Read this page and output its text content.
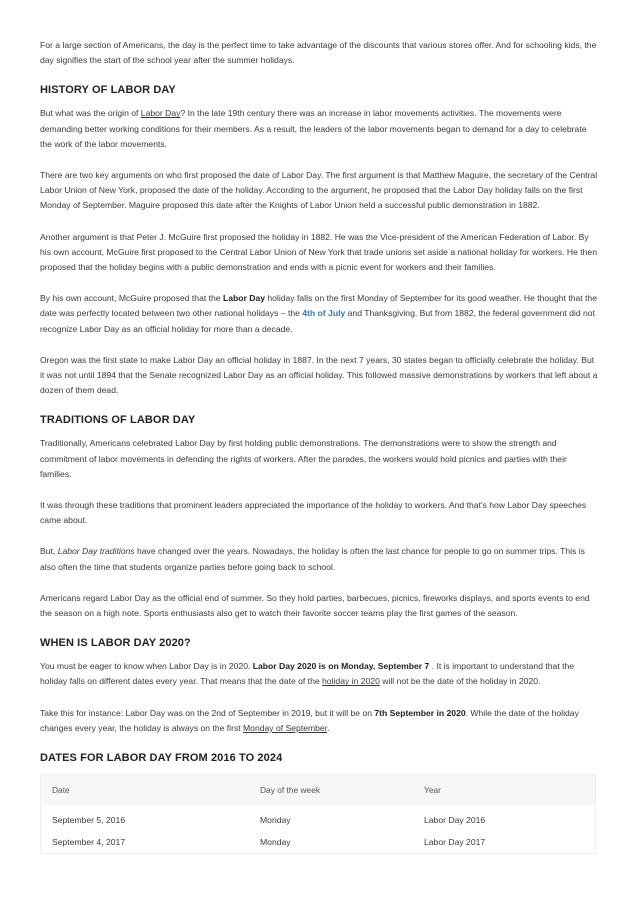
For a large section of Americans, the day is the perfect time to take advantage of the discounts that various stores offer. And for schooling kids, the day signifies the start of the school year after the summer holidays.

HISTORY OF LABOR DAY

But what was the origin of Labor Day? In the late 19th century there was an increase in labor movements activities. The movements were demanding better working conditions for their members. As a result, the leaders of the labor movements began to demand for a day to celebrate the work of the labor movements.

There are two key arguments on who first proposed the date of Labor Day. The first argument is that Matthew Maguire, the secretary of the Central Labor Union of New York, proposed the date of the holiday. According to the argument, he proposed that the Labor Day holiday falls on the first Monday of September. Maguire proposed this date after the Knights of Labor Union held a successful public demonstration in 1882.

Another argument is that Peter J. McGuire first proposed the holiday in 1882. He was the Vice-president of the American Federation of Labor. By his own account, McGuire first proposed to the Central Labor Union of New York that trade unions set aside a national holiday for workers. He then proposed that the holiday begins with a public demonstration and ends with a picnic event for workers and their families.

By his own account, McGuire proposed that the Labor Day holiday falls on the first Monday of September for its good weather. He thought that the date was perfectly located between two other national holidays – the 4th of July and Thanksgiving. But from 1882, the federal government did not recognize Labor Day as an official holiday for more than a decade.

Oregon was the first state to make Labor Day an official holiday in 1887. In the next 7 years, 30 states began to officially celebrate the holiday. But it was not until 1894 that the Senate recognized Labor Day as an official holiday. This followed massive demonstrations by workers that left about a dozen of them dead.

TRADITIONS OF LABOR DAY

Traditionally, Americans celebrated Labor Day by first holding public demonstrations. The demonstrations were to show the strength and commitment of labor movements in defending the rights of workers. After the parades, the workers would hold picnics and parties with their families.

It was through these traditions that prominent leaders appreciated the importance of the holiday to workers. And that's how Labor Day speeches came about.

But, Labor Day traditions have changed over the years. Nowadays, the holiday is often the last chance for people to go on summer trips. This is also often the time that students organize parties before going back to school.

Americans regard Labor Day as the official end of summer. So they hold parties, barbecues, picnics, fireworks displays, and sports events to end the season on a high note. Sports enthusiasts also get to watch their favorite soccer teams play the first games of the season.

WHEN IS LABOR DAY 2020?

You must be eager to know when Labor Day is in 2020. Labor Day 2020 is on Monday, September 7 . It is important to understand that the holiday falls on different dates every year. That means that the date of the holiday in 2020 will not be the date of the holiday in 2020.

Take this for instance: Labor Day was on the 2nd of September in 2019, but it will be on 7th September in 2020. While the date of the holiday changes every year, the holiday is always on the first Monday of September.

DATES FOR LABOR DAY FROM 2016 TO 2024
Date	Day of the week	Year
September 5, 2016	Monday	Labor Day 2016
September 4, 2017	Monday	Labor Day 2017
